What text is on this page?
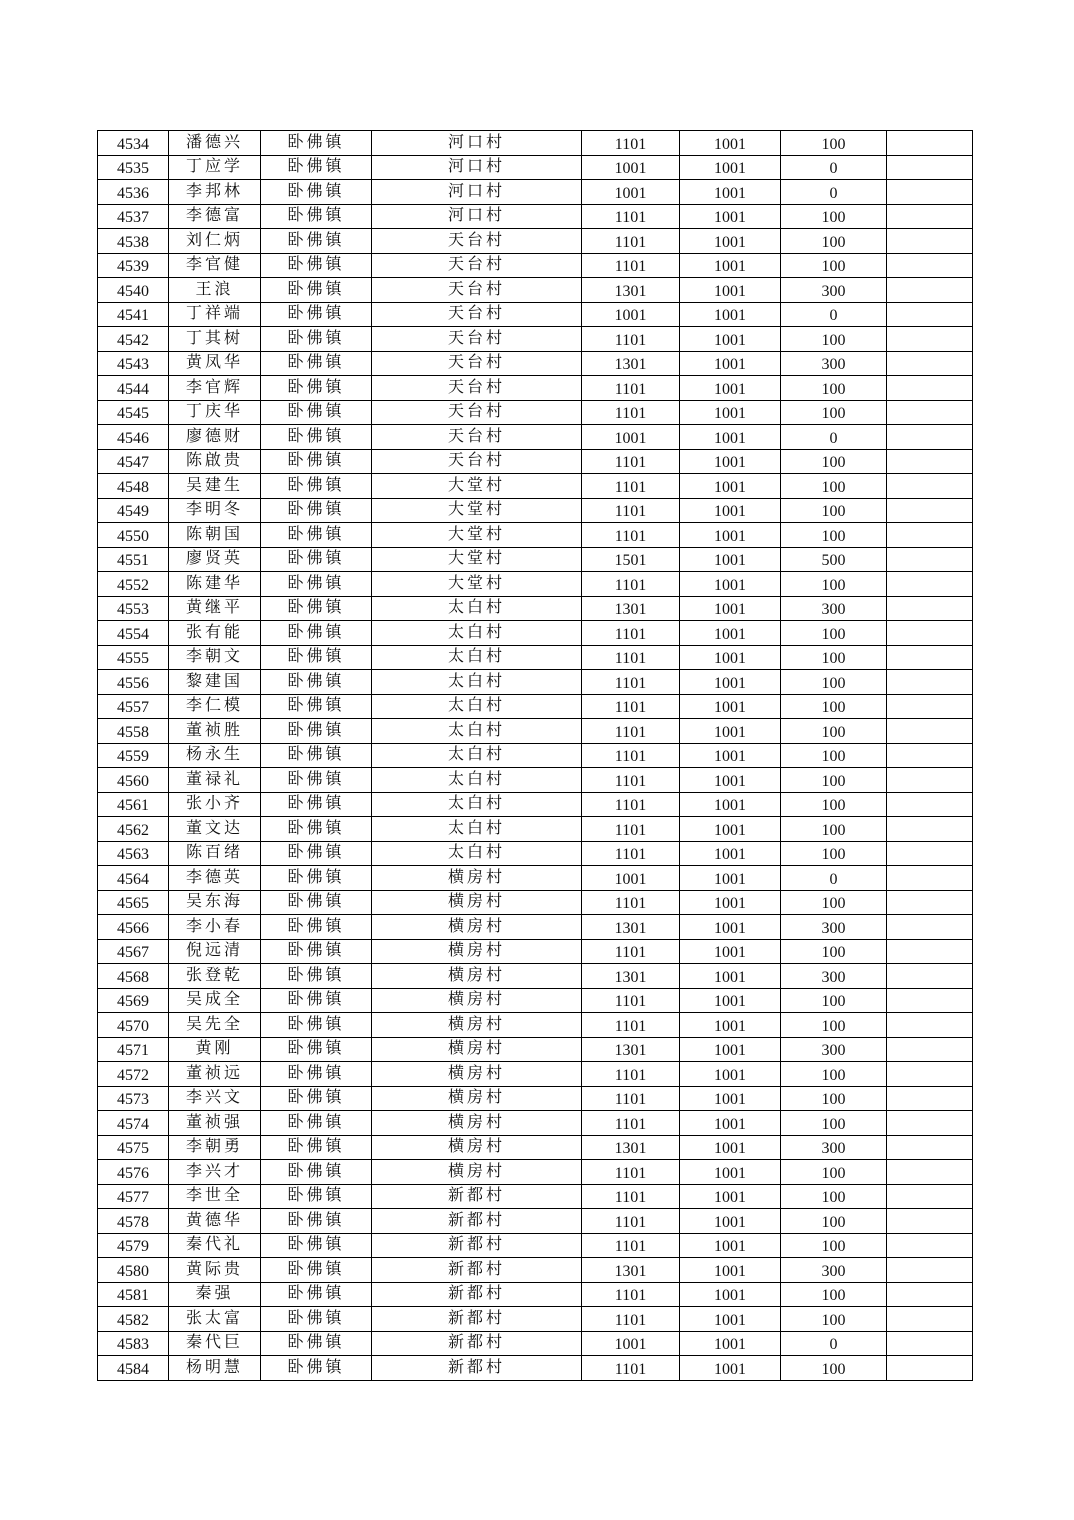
4534	潘德兴	卧佛镇	河口村	1101	1001	100	
4535	丁应学	卧佛镇	河口村	1001	1001	0	
4536	李邦林	卧佛镇	河口村	1001	1001	0	
4537	李德富	卧佛镇	河口村	1101	1001	100	
4538	刘仁炳	卧佛镇	天台村	1101	1001	100	
4539	李官健	卧佛镇	天台村	1101	1001	100	
4540	王浪	卧佛镇	天台村	1301	1001	300	
4541	丁祥端	卧佛镇	天台村	1001	1001	0	
4542	丁其树	卧佛镇	天台村	1101	1001	100	
4543	黄凤华	卧佛镇	天台村	1301	1001	300	
4544	李官辉	卧佛镇	天台村	1101	1001	100	
4545	丁庆华	卧佛镇	天台村	1101	1001	100	
4546	廖德财	卧佛镇	天台村	1001	1001	0	
4547	陈啟贵	卧佛镇	天台村	1101	1001	100	
4548	吴建生	卧佛镇	大堂村	1101	1001	100	
4549	李明冬	卧佛镇	大堂村	1101	1001	100	
4550	陈朝国	卧佛镇	大堂村	1101	1001	100	
4551	廖贤英	卧佛镇	大堂村	1501	1001	500	
4552	陈建华	卧佛镇	大堂村	1101	1001	100	
4553	黄继平	卧佛镇	太白村	1301	1001	300	
4554	张有能	卧佛镇	太白村	1101	1001	100	
4555	李朝文	卧佛镇	太白村	1101	1001	100	
4556	黎建国	卧佛镇	太白村	1101	1001	100	
4557	李仁模	卧佛镇	太白村	1101	1001	100	
4558	董祯胜	卧佛镇	太白村	1101	1001	100	
4559	杨永生	卧佛镇	太白村	1101	1001	100	
4560	董禄礼	卧佛镇	太白村	1101	1001	100	
4561	张小齐	卧佛镇	太白村	1101	1001	100	
4562	董文达	卧佛镇	太白村	1101	1001	100	
4563	陈百绪	卧佛镇	太白村	1101	1001	100	
4564	李德英	卧佛镇	横房村	1001	1001	0	
4565	吴东海	卧佛镇	横房村	1101	1001	100	
4566	李小春	卧佛镇	横房村	1301	1001	300	
4567	倪远清	卧佛镇	横房村	1101	1001	100	
4568	张登乾	卧佛镇	横房村	1301	1001	300	
4569	吴成全	卧佛镇	横房村	1101	1001	100	
4570	吴先全	卧佛镇	横房村	1101	1001	100	
4571	黄刚	卧佛镇	横房村	1301	1001	300	
4572	董祯远	卧佛镇	横房村	1101	1001	100	
4573	李兴文	卧佛镇	横房村	1101	1001	100	
4574	董祯强	卧佛镇	横房村	1101	1001	100	
4575	李朝勇	卧佛镇	横房村	1301	1001	300	
4576	李兴才	卧佛镇	横房村	1101	1001	100	
4577	李世全	卧佛镇	新都村	1101	1001	100	
4578	黄德华	卧佛镇	新都村	1101	1001	100	
4579	秦代礼	卧佛镇	新都村	1101	1001	100	
4580	黄际贵	卧佛镇	新都村	1301	1001	300	
4581	秦强	卧佛镇	新都村	1101	1001	100	
4582	张太富	卧佛镇	新都村	1101	1001	100	
4583	秦代巨	卧佛镇	新都村	1001	1001	0	
4584	杨明慧	卧佛镇	新都村	1101	1001	100	
